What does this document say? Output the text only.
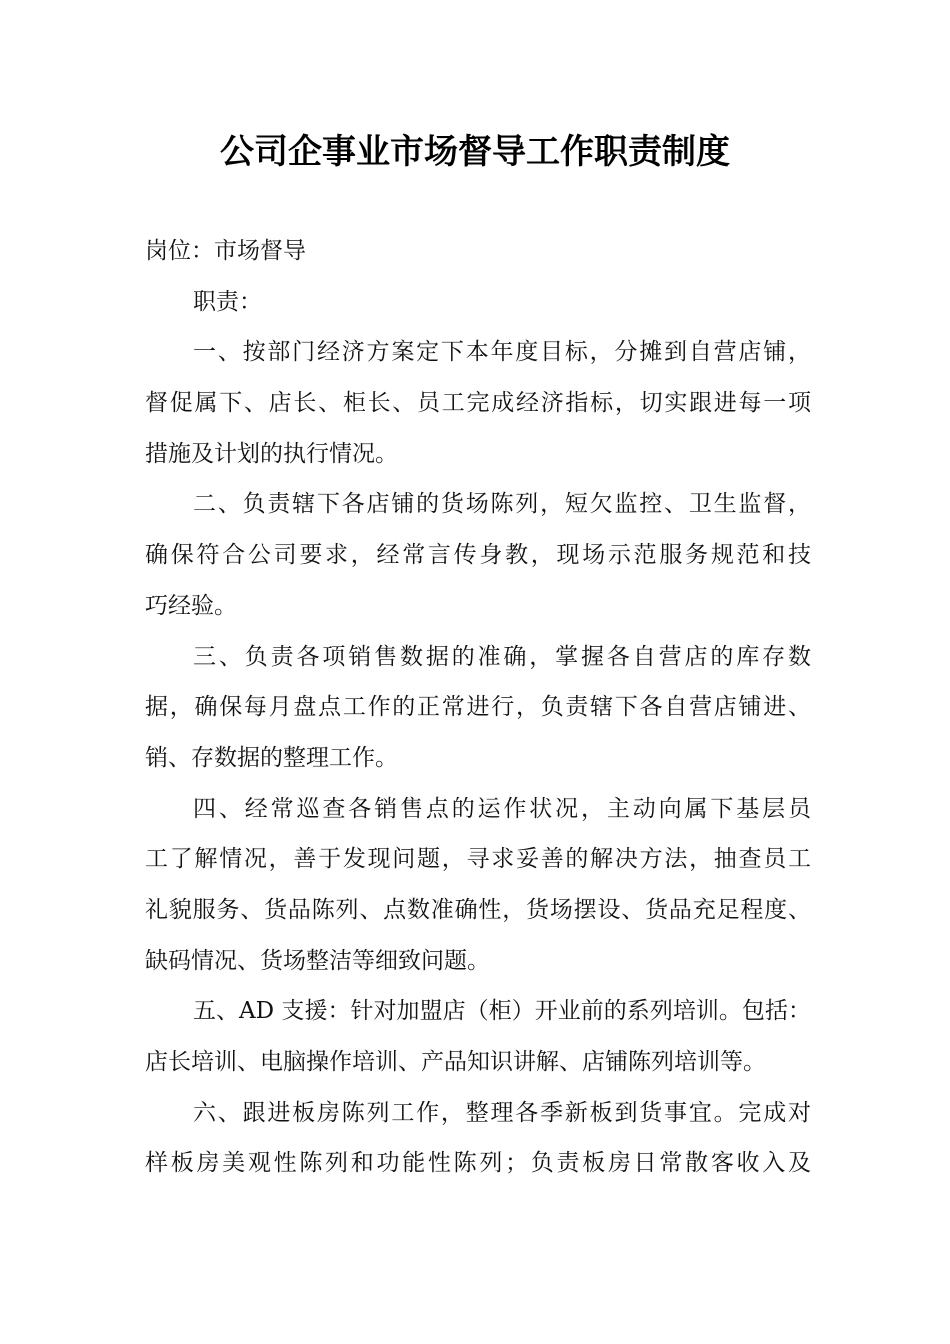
公司企事业市场督导工作职责制度
岗位：市场督导
职责：
一、按部门经济方案定下本年度目标，分摊到自营店铺，
督促属下、店长、柜长、员工完成经济指标，切实跟进每一项
措施及计划的执行情况。
二、负责辖下各店铺的货场陈列，短欠监控、卫生监督，
确保符合公司要求，经常言传身教，现场示范服务规范和技
巧经验。
三、负责各项销售数据的准确，掌握各自营店的库存数
据，确保每月盘点工作的正常进行，负责辖下各自营店铺进、
销、存数据的整理工作。
四、经常巡查各销售点的运作状况，主动向属下基层员
工了解情况，善于发现问题，寻求妥善的解决方法，抽查员工
礼貌服务、货品陈列、点数准确性，货场摆设、货品充足程度、
缺码情况、货场整洁等细致问题。
五、AD 支援：针对加盟店（柜）开业前的系列培训。包括：
店长培训、电脑操作培训、产品知识讲解、店铺陈列培训等。
六、跟进板房陈列工作，整理各季新板到货事宜。完成对
样板房美观性陈列和功能性陈列；负责板房日常散客收入及
